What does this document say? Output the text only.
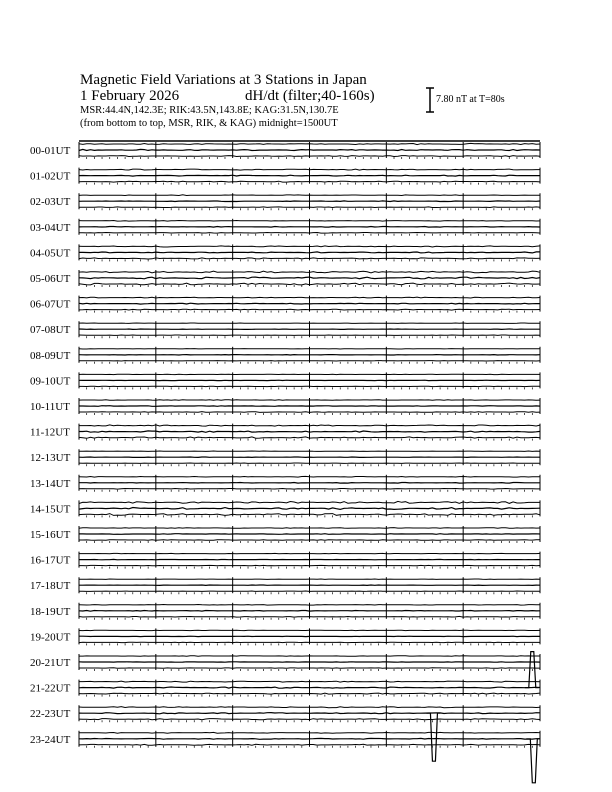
Magnetic Field Variations at 3 Stations in Japan
1 February 2026	dH/dt (filter;40-160s)
MSR:44.4N,142.3E; RIK:43.5N,143.8E; KAG:31.5N,130.7E
(from bottom to top, MSR, RIK, & KAG) midnight=1500UT
7.80 nT at T=80s
00-01UT
01-02UT
02-03UT
03-04UT
04-05UT
05-06UT
06-07UT
07-08UT
08-09UT
09-10UT
10-11UT
11-12UT
12-13UT
13-14UT
14-15UT
15-16UT
16-17UT
17-18UT
18-19UT
19-20UT
20-21UT
21-22UT
22-23UT
23-24UT
